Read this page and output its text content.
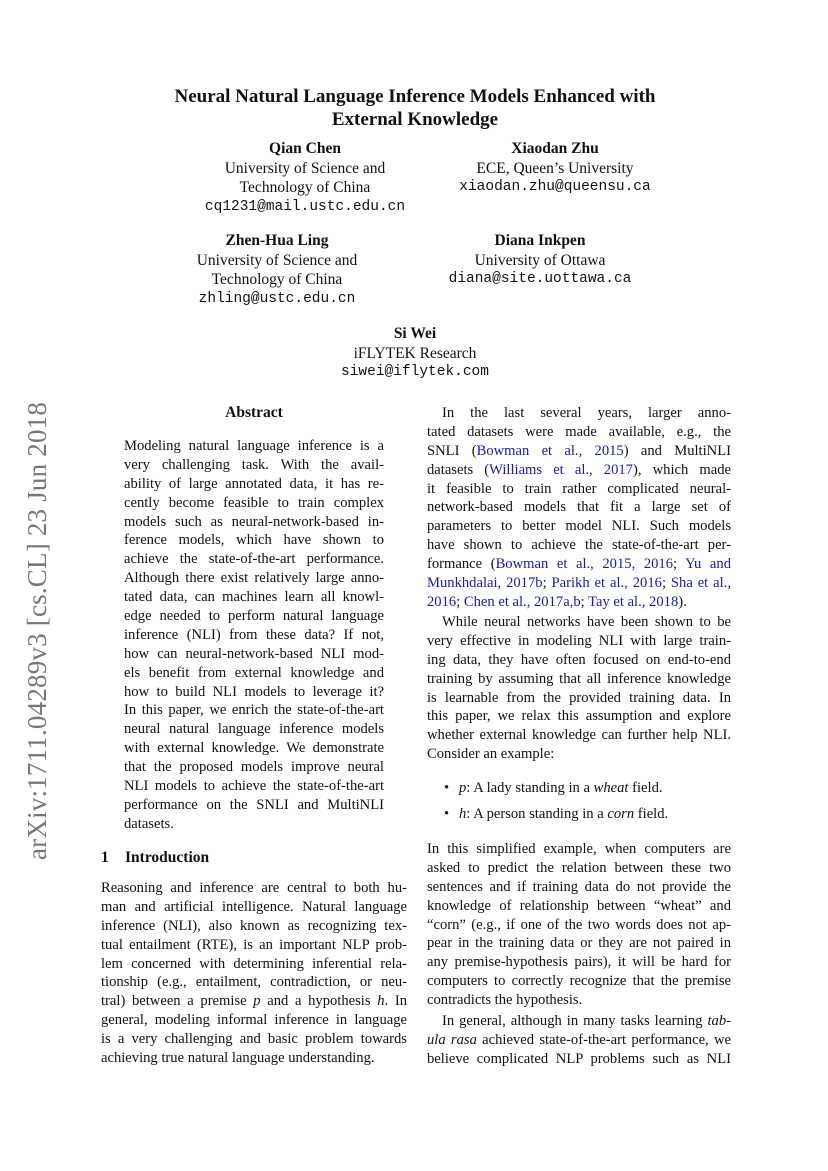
arXiv:1711.04289v3 [cs.CL] 23 Jun 2018
Neural Natural Language Inference Models Enhanced with
External Knowledge
Qian Chen
University of Science and
Technology of China
cq1231@mail.ustc.edu.cn
Xiaodan Zhu
ECE, Queen’s University
xiaodan.zhu@queensu.ca
Zhen-Hua Ling
University of Science and
Technology of China
zhling@ustc.edu.cn
Diana Inkpen
University of Ottawa
diana@site.uottawa.ca
Si Wei
iFLYTEK Research
siwei@iflytek.com
Abstract
Modeling natural language inference is a
very challenging task. With the avail-
ability of large annotated data, it has re-
cently become feasible to train complex
models such as neural-network-based in-
ference models, which have shown to
achieve the state-of-the-art performance.
Although there exist relatively large anno-
tated data, can machines learn all knowl-
edge needed to perform natural language
inference (NLI) from these data? If not,
how can neural-network-based NLI mod-
els benefit from external knowledge and
how to build NLI models to leverage it?
In this paper, we enrich the state-of-the-art
neural natural language inference models
with external knowledge. We demonstrate
that the proposed models improve neural
NLI models to achieve the state-of-the-art
performance on the SNLI and MultiNLI
datasets.
1 Introduction
Reasoning and inference are central to both hu-
man and artificial intelligence. Natural language
inference (NLI), also known as recognizing tex-
tual entailment (RTE), is an important NLP prob-
lem concerned with determining inferential rela-
tionship (e.g., entailment, contradiction, or neu-
tral) between a premise p and a hypothesis h. In
general, modeling informal inference in language
is a very challenging and basic problem towards
achieving true natural language understanding.
In the last several years, larger anno-
tated datasets were made available, e.g., the
SNLI (Bowman et al., 2015) and MultiNLI
datasets (Williams et al., 2017), which made
it feasible to train rather complicated neural-
network-based models that fit a large set of
parameters to better model NLI. Such models
have shown to achieve the state-of-the-art per-
formance (Bowman et al., 2015, 2016; Yu and
Munkhdalai, 2017b; Parikh et al., 2016; Sha et al.,
2016; Chen et al., 2017a,b; Tay et al., 2018).
While neural networks have been shown to be
very effective in modeling NLI with large train-
ing data, they have often focused on end-to-end
training by assuming that all inference knowledge
is learnable from the provided training data. In
this paper, we relax this assumption and explore
whether external knowledge can further help NLI.
Consider an example:
• p: A lady standing in a wheat field.
• h: A person standing in a corn field.
In this simplified example, when computers are
asked to predict the relation between these two
sentences and if training data do not provide the
knowledge of relationship between “wheat” and
“corn” (e.g., if one of the two words does not ap-
pear in the training data or they are not paired in
any premise-hypothesis pairs), it will be hard for
computers to correctly recognize that the premise
contradicts the hypothesis.
In general, although in many tasks learning tab-
ula rasa achieved state-of-the-art performance, we
believe complicated NLP problems such as NLI
